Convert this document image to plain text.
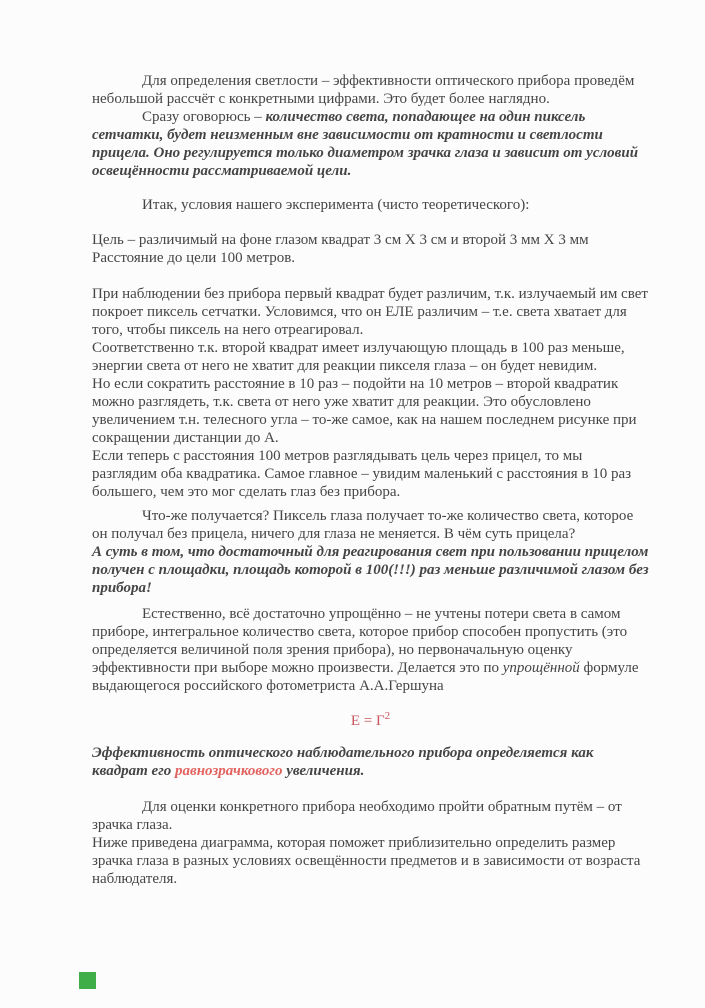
Для определения светлости – эффективности оптического прибора проведём небольшой рассчёт с конкретными цифрами. Это будет более наглядно.

Сразу оговорюсь – количество света, попадающее на один пиксель сетчатки, будет неизменным вне зависимости от кратности и светлости прицела. Оно регулируется только диаметром зрачка глаза и зависит от условий освещённости рассматриваемой цели.

Итак, условия нашего эксперимента (чисто теоретического):

Цель – различимый на фоне глазом квадрат 3 см Х 3 см и второй 3 мм Х 3 мм
Расстояние до цели 100 метров.

При наблюдении без прибора первый квадрат будет различим, т.к. излучаемый им свет покроет пиксель сетчатки. Условимся, что он ЕЛЕ различим – т.е. света хватает для того, чтобы пиксель на него отреагировал.

Соответственно т.к. второй квадрат имеет излучающую площадь в 100 раз меньше, энергии света от него не хватит для реакции пикселя глаза – он будет невидим.

Но если сократить расстояние в 10 раз – подойти на 10 метров – второй квадратик можно разглядеть, т.к. света от него уже хватит для реакции. Это обусловлено увеличением т.н. телесного угла – то-же самое, как на нашем последнем рисунке при сокращении дистанции до А.

Если теперь с расстояния 100 метров разглядывать цель через прицел, то мы разглядим оба квадратика. Самое главное – увидим маленький с расстояния в 10 раз большего, чем это мог сделать глаз без прибора.

Что-же получается? Пиксель глаза получает то-же количество света, которое он получал без прицела, ничего для глаза не меняется. В чём суть прицела?

А суть в том, что достаточный для реагирования свет при пользовании прицелом получен с площадки, площадь которой в 100(!!!) раз меньше различимой глазом без прибора!

Естественно, всё достаточно упрощённо – не учтены потери света в самом приборе, интегральное количество света, которое прибор способен пропустить (это определяется величиной поля зрения прибора), но первоначальную оценку эффективности при выборе можно произвести. Делается это по упрощённой формуле выдающегося российского фотометриста А.А.Гершуна

$Е = Г^2$

Эффективность оптического наблюдательного прибора определяется как квадрат его равнозрачкового увеличения.

Для оценки конкретного прибора необходимо пройти обратным путём – от зрачка глаза.

Ниже приведена диаграмма, которая поможет приблизительно определить размер зрачка глаза в разных условиях освещённости предметов и в зависимости от возраста наблюдателя.
